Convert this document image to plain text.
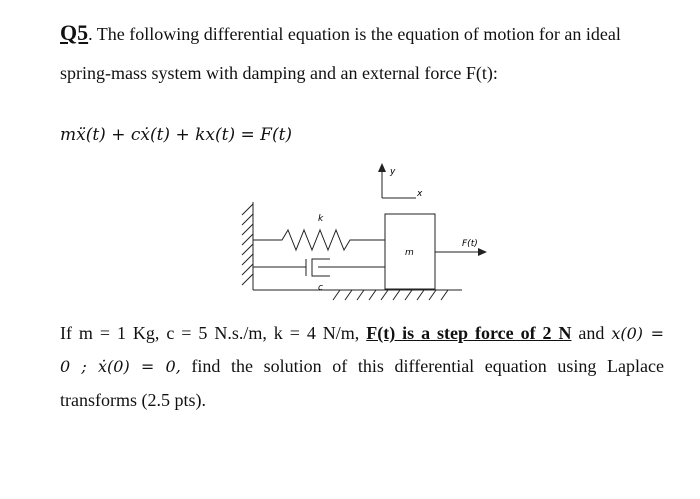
Q5. The following differential equation is the equation of motion for an ideal
spring-mass system with damping and an external force F(t):
mẍ(t) + cẋ(t) + kx(t) = F(t)
y
x
k
m
c
F(t)
If m = 1 Kg, c = 5 N.s./m, k = 4 N/m, F(t) is a step force of 2 N and x(0) =
0 ; ẋ(0) = 0, find the solution of this differential equation using Laplace
transforms (2.5 pts).
